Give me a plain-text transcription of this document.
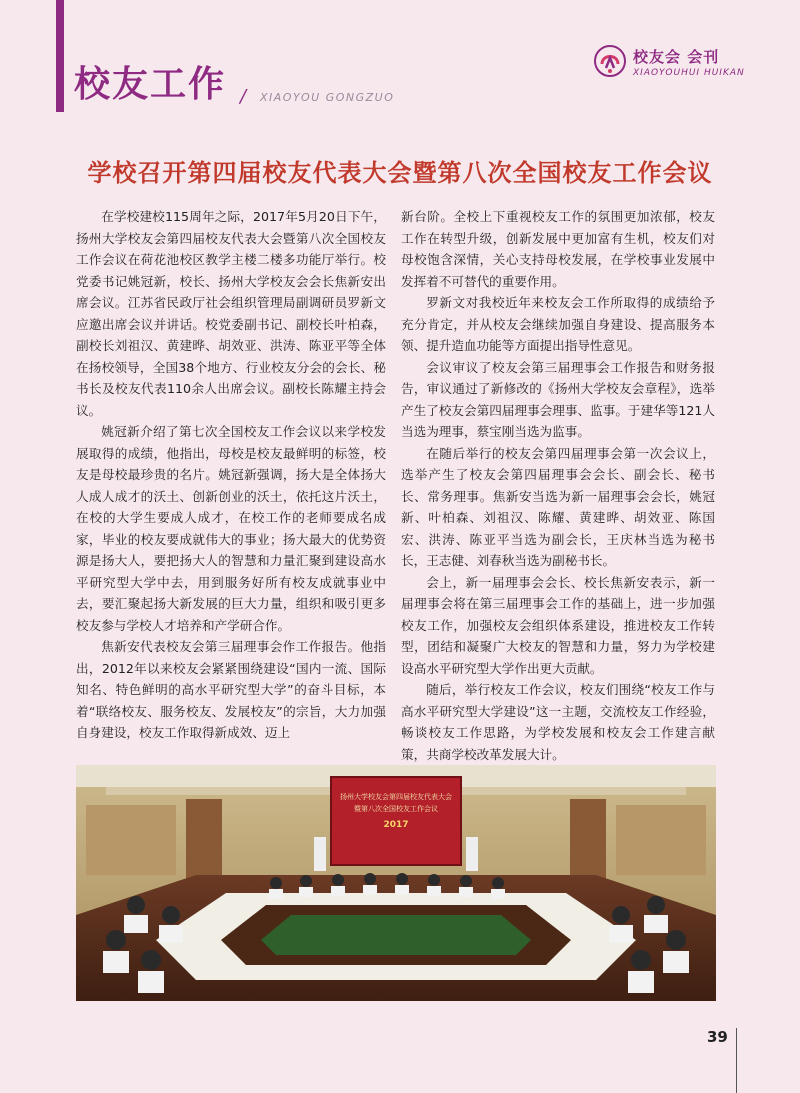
校友工作 / XIAOYOU GONGZUO
校友会 会刊
XIAOYOUHUI HUIKAN
学校召开第四届校友代表大会暨第八次全国校友工作会议

在学校建校115周年之际，2017年5月20日下午，扬州大学校友会第四届校友代表大会暨第八次全国校友工作会议在荷花池校区教学主楼二楼多功能厅举行。校党委书记姚冠新，校长、扬州大学校友会会长焦新安出席会议。江苏省民政厅社会组织管理局副调研员罗新文应邀出席会议并讲话。校党委副书记、副校长叶柏森，副校长刘祖汉、黄建晔、胡效亚、洪涛、陈亚平等全体在扬校领导，全国38个地方、行业校友分会的会长、秘书长及校友代表110余人出席会议。副校长陈耀主持会议。

姚冠新介绍了第七次全国校友工作会议以来学校发展取得的成绩，他指出，母校是校友最鲜明的标签，校友是母校最珍贵的名片。姚冠新强调，扬大是全体扬大人成人成才的沃土、创新创业的沃土，依托这片沃土，在校的大学生要成人成才，在校工作的老师要成名成家，毕业的校友要成就伟大的事业；扬大最大的优势资源是扬大人，要把扬大人的智慧和力量汇聚到建设高水平研究型大学中去，用到服务好所有校友成就事业中去，要汇聚起扬大新发展的巨大力量，组织和吸引更多校友参与学校人才培养和产学研合作。

焦新安代表校友会第三届理事会作工作报告。他指出，2012年以来校友会紧紧围绕建设“国内一流、国际知名、特色鲜明的高水平研究型大学”的奋斗目标，本着“联络校友、服务校友、发展校友”的宗旨，大力加强自身建设，校友工作取得新成效、迈上

新台阶。全校上下重视校友工作的氛围更加浓郁，校友工作在转型升级，创新发展中更加富有生机，校友们对母校饱含深情，关心支持母校发展，在学校事业发展中发挥着不可替代的重要作用。

罗新文对我校近年来校友会工作所取得的成绩给予充分肯定，并从校友会继续加强自身建设、提高服务本领、提升造血功能等方面提出指导性意见。

会议审议了校友会第三届理事会工作报告和财务报告，审议通过了新修改的《扬州大学校友会章程》，选举产生了校友会第四届理事会理事、监事。于建华等121人当选为理事，蔡宝刚当选为监事。

在随后举行的校友会第四届理事会第一次会议上，选举产生了校友会第四届理事会会长、副会长、秘书长、常务理事。焦新安当选为新一届理事会会长，姚冠新、叶柏森、刘祖汉、陈耀、黄建晔、胡效亚、陈国宏、洪涛、陈亚平当选为副会长，王庆林当选为秘书长，王志健、刘春秋当选为副秘书长。

会上，新一届理事会会长、校长焦新安表示，新一届理事会将在第三届理事会工作的基础上，进一步加强校友工作，加强校友会组织体系建设，推进校友工作转型，团结和凝聚广大校友的智慧和力量，努力为学校建设高水平研究型大学作出更大贡献。

随后，举行校友工作会议，校友们围绕“校友工作与高水平研究型大学建设”这一主题，交流校友工作经验，畅谈校友工作思路，为学校发展和校友会工作建言献策，共商学校改革发展大计。

扬州大学校友会第四届校友代表大会
暨第八次全国校友工作会议
2017
39
